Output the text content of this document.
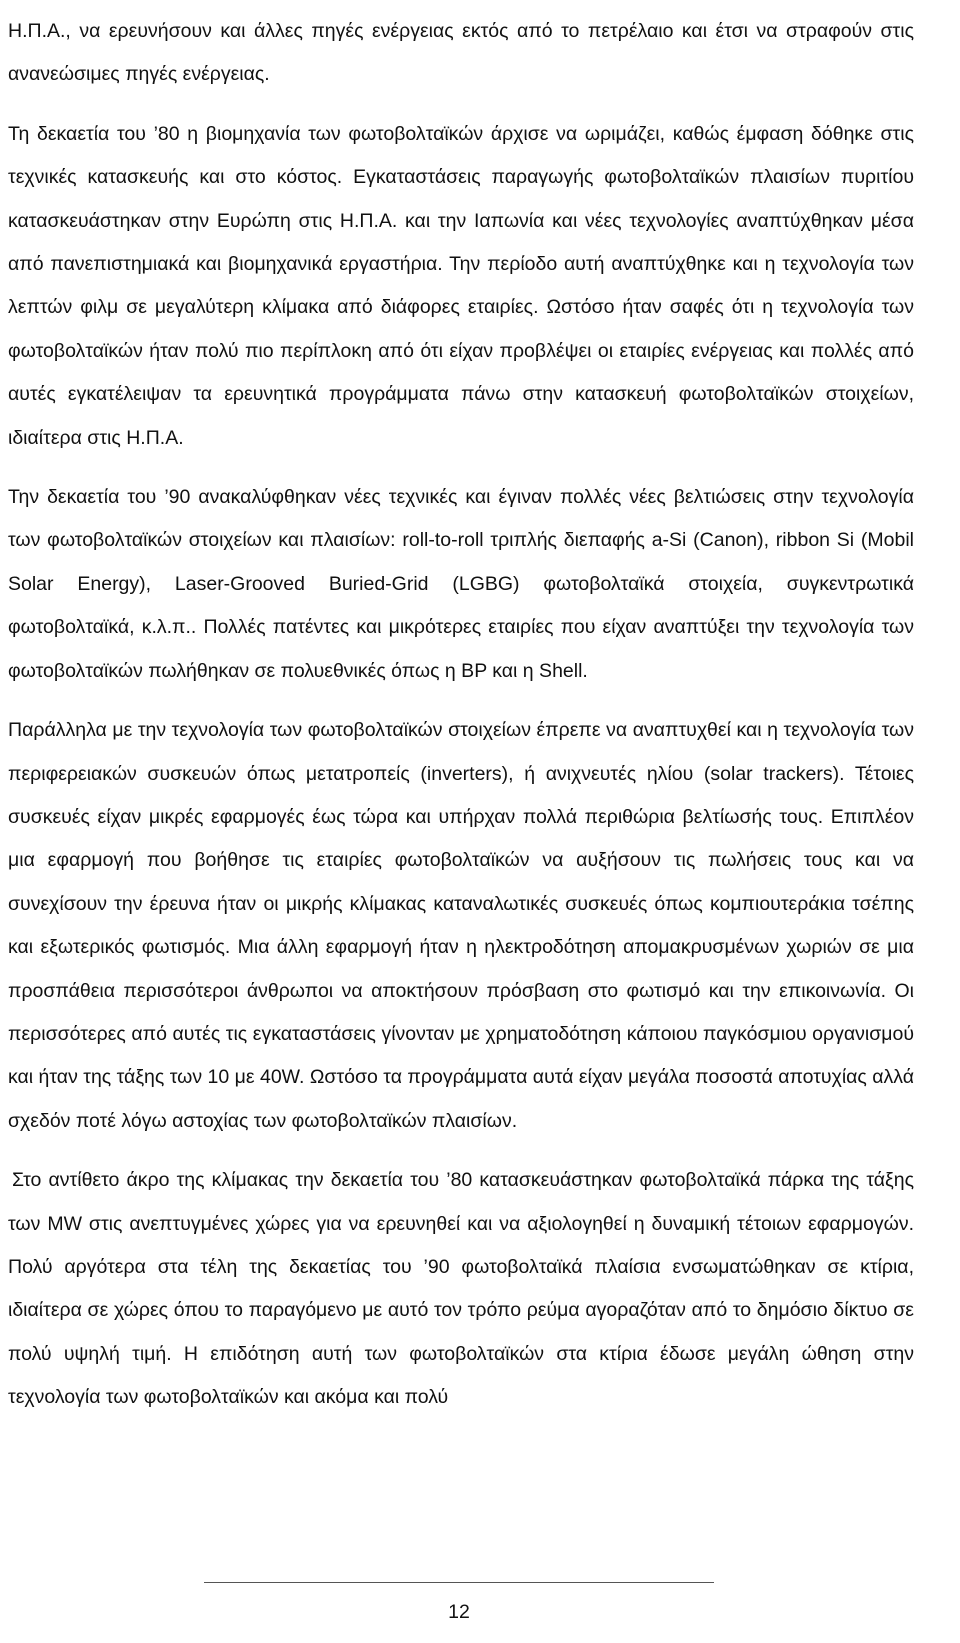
Η.Π.Α., να ερευνήσουν και άλλες πηγές ενέργειας εκτός από το πετρέλαιο και έτσι να στραφούν στις ανανεώσιμες πηγές ενέργειας.

Τη δεκαετία του ’80 η βιομηχανία των φωτοβολταϊκών άρχισε να ωριμάζει, καθώς έμφαση δόθηκε στις τεχνικές κατασκευής και στο κόστος. Εγκαταστάσεις παραγωγής φωτοβολταϊκών πλαισίων πυριτίου κατασκευάστηκαν στην Ευρώπη στις Η.Π.Α. και την Ιαπωνία και νέες τεχνολογίες αναπτύχθηκαν μέσα από πανεπιστημιακά και βιομηχανικά εργαστήρια. Την περίοδο αυτή αναπτύχθηκε και η τεχνολογία των λεπτών φιλμ σε μεγαλύτερη κλίμακα από διάφορες εταιρίες. Ωστόσο ήταν σαφές ότι η τεχνολογία των φωτοβολταϊκών ήταν πολύ πιο περίπλοκη από ότι είχαν προβλέψει οι εταιρίες ενέργειας και πολλές από αυτές εγκατέλειψαν τα ερευνητικά προγράμματα πάνω στην κατασκευή φωτοβολταϊκών στοιχείων, ιδιαίτερα στις Η.Π.Α.

Την δεκαετία του ’90 ανακαλύφθηκαν νέες τεχνικές και έγιναν πολλές νέες βελτιώσεις στην τεχνολογία των φωτοβολταϊκών στοιχείων και πλαισίων: roll-to-roll τριπλής διεπαφής a-Si (Canon), ribbon Si (Mobil Solar Energy), Laser-Grooved Buried-Grid (LGBG) φωτοβολταϊκά στοιχεία, συγκεντρωτικά φωτοβολταϊκά, κ.λ.π.. Πολλές πατέντες και μικρότερες εταιρίες που είχαν αναπτύξει την τεχνολογία των φωτοβολταϊκών πωλήθηκαν σε πολυεθνικές όπως η BP και η Shell.

Παράλληλα με την τεχνολογία των φωτοβολταϊκών στοιχείων έπρεπε να αναπτυχθεί και η τεχνολογία των περιφερειακών συσκευών όπως μετατροπείς (inverters), ή ανιχνευτές ηλίου (solar trackers). Τέτοιες συσκευές είχαν μικρές εφαρμογές έως τώρα και υπήρχαν πολλά περιθώρια βελτίωσής τους. Επιπλέον μια εφαρμογή που βοήθησε τις εταιρίες φωτοβολταϊκών να αυξήσουν τις πωλήσεις τους και να συνεχίσουν την έρευνα ήταν οι μικρής κλίμακας καταναλωτικές συσκευές όπως κομπιουτεράκια τσέπης και εξωτερικός φωτισμός. Μια άλλη εφαρμογή ήταν η ηλεκτροδότηση απομακρυσμένων χωριών σε μια προσπάθεια περισσότεροι άνθρωποι να αποκτήσουν πρόσβαση στο φωτισμό και την επικοινωνία. Οι περισσότερες από αυτές τις εγκαταστάσεις γίνονταν με χρηματοδότηση κάποιου παγκόσμιου οργανισμού και ήταν της τάξης των 10 με 40W. Ωστόσο τα προγράμματα αυτά είχαν μεγάλα ποσοστά αποτυχίας αλλά σχεδόν ποτέ λόγω αστοχίας των φωτοβολταϊκών πλαισίων.

Στο αντίθετο άκρο της κλίμακας την δεκαετία του ’80 κατασκευάστηκαν φωτοβολταϊκά πάρκα της τάξης των MW στις ανεπτυγμένες χώρες για να ερευνηθεί και να αξιολογηθεί η δυναμική τέτοιων εφαρμογών. Πολύ αργότερα στα τέλη της δεκαετίας του ’90 φωτοβολταϊκά πλαίσια ενσωματώθηκαν σε κτίρια, ιδιαίτερα σε χώρες όπου το παραγόμενο με αυτό τον τρόπο ρεύμα αγοραζόταν από το δημόσιο δίκτυο σε πολύ υψηλή τιμή. Η επιδότηση αυτή των φωτοβολταϊκών στα κτίρια έδωσε μεγάλη ώθηση στην τεχνολογία των φωτοβολταϊκών και ακόμα και πολύ

12
